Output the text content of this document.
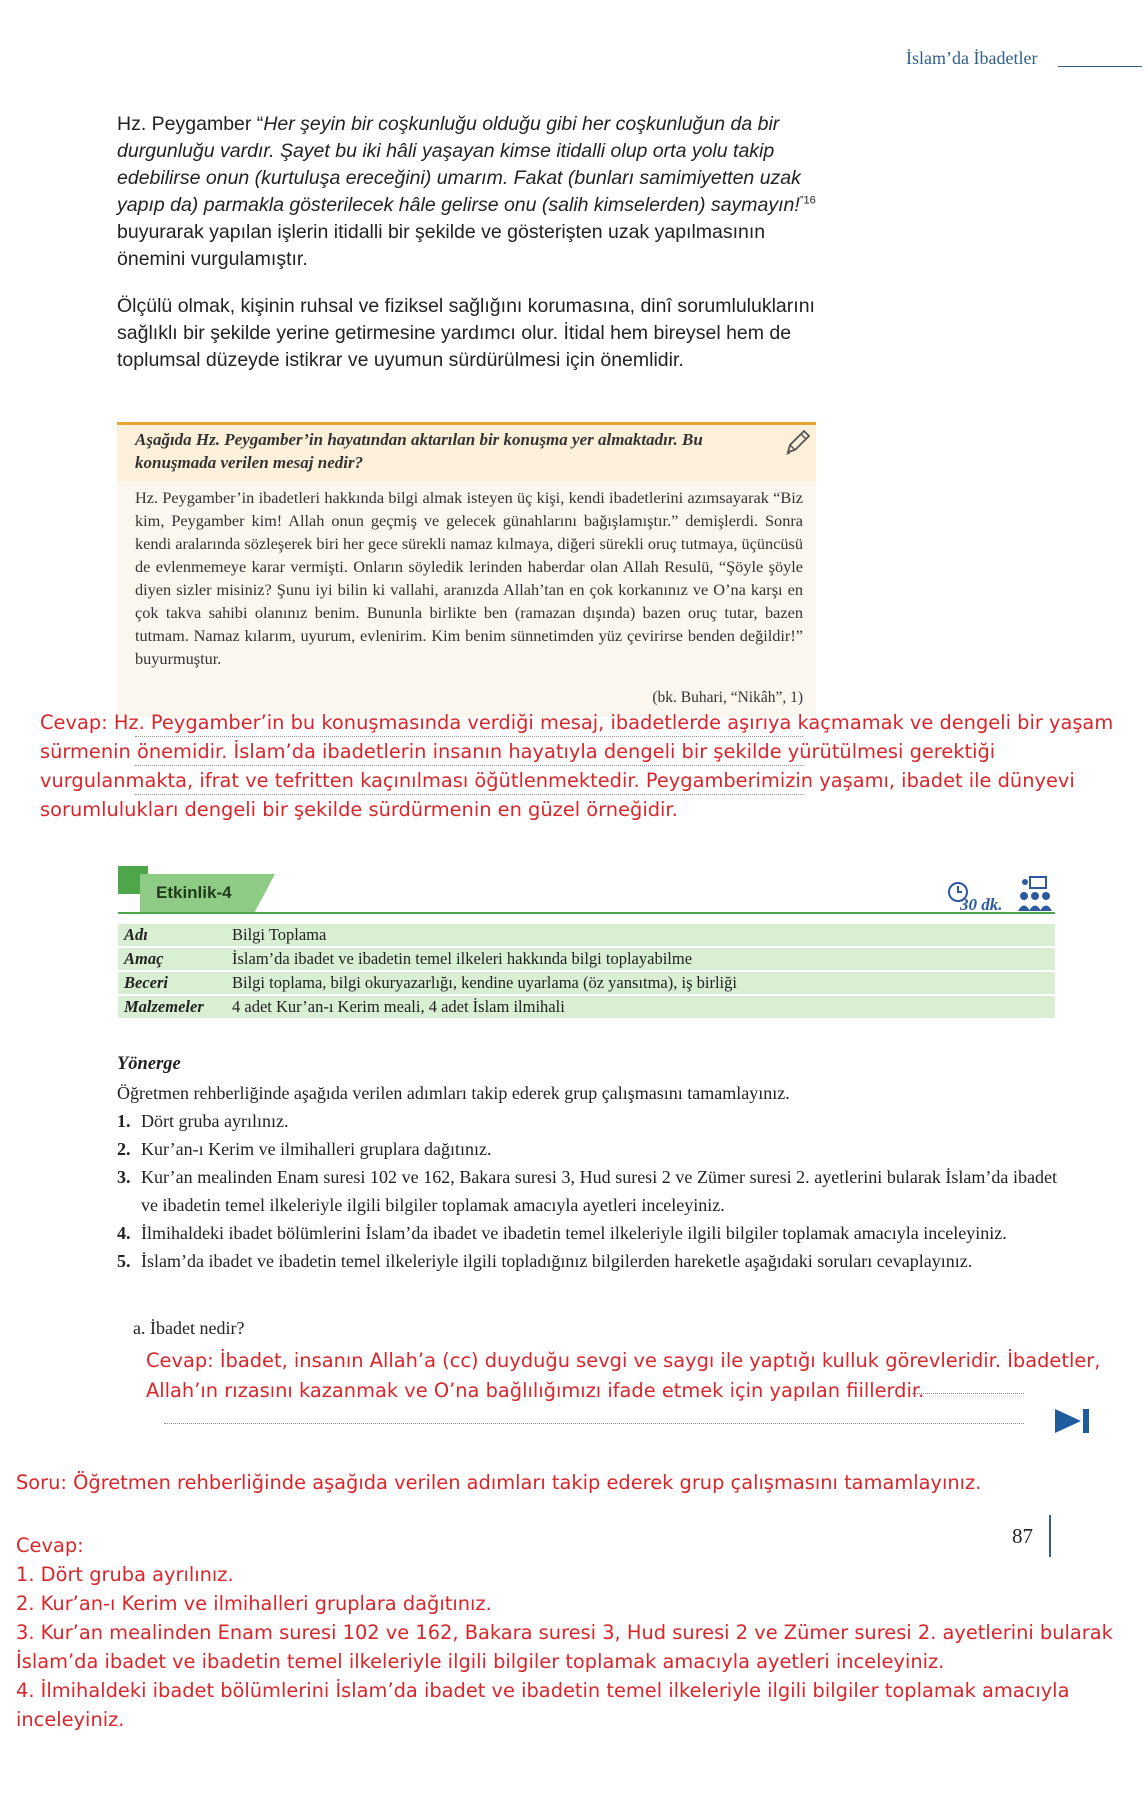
İslam’da İbadetler
Hz. Peygamber “Her şeyin bir coşkunluğu olduğu gibi her coşkunluğun da bir durgunluğu vardır. Şayet bu iki hâli yaşayan kimse itidalli olup orta yolu takip edebilirse onun (kurtuluşa ereceğini) umarım. Fakat (bunları samimiyetten uzak yapıp da) parmakla gösterilecek hâle gelirse onu (salih kimselerden) saymayın!$^{”16}$ buyurarak yapılan işlerin itidalli bir şekilde ve gösterişten uzak yapılmasının önemini vurgulamıştır.
Ölçülü olmak, kişinin ruhsal ve fiziksel sağlığını korumasına, dinî sorumluluklarını sağlıklı bir şekilde yerine getirmesine yardımcı olur. İtidal hem bireysel hem de toplumsal düzeyde istikrar ve uyumun sürdürülmesi için önemlidir.
Aşağıda Hz. Peygamber’in hayatından aktarılan bir konuşma yer almaktadır. Bu konuşmada verilen mesaj nedir?
Hz. Peygamber’in ibadetleri hakkında bilgi almak isteyen üç kişi, kendi ibadetlerini azımsayarak “Biz kim, Peygamber kim! Allah onun geçmiş ve gelecek günahlarını bağışlamıştır.” demişlerdi. Sonra kendi aralarında sözleşerek biri her gece sürekli namaz kılmaya, diğeri sürekli oruç tutmaya, üçüncüsü de evlenmemeye karar vermişti. Onların söyledik lerinden haberdar olan Allah Resulü, “Şöyle şöyle diyen sizler misiniz? Şunu iyi bilin ki vallahi, aranızda Allah’tan en çok korkanınız ve O’na karşı en çok takva sahibi olanınız benim. Bununla birlikte ben (ramazan dışında) bazen oruç tutar, bazen tutmam. Namaz kılarım, uyurum, evlenirim. Kim benim sünnetimden yüz çevirirse benden değildir!” buyurmuştur.
(bk. Buhari, “Nikâh”, 1)
Cevap: Hz. Peygamber’in bu konuşmasında verdiği mesaj, ibadetlerde aşırıya kaçmamak ve dengeli bir yaşam sürmenin önemidir. İslam’da ibadetlerin insanın hayatıyla dengeli bir şekilde yürütülmesi gerektiği vurgulanmakta, ifrat ve tefritten kaçınılması öğütlenmektedir. Peygamberimizin yaşamı, ibadet ile dünyevi sorumlulukları dengeli bir şekilde sürdürmenin en güzel örneğidir.
Etkinlik-4
30 dk.
Adı	Bilgi Toplama
Amaç	İslam’da ibadet ve ibadetin temel ilkeleri hakkında bilgi toplayabilme
Beceri	Bilgi toplama, bilgi okuryazarlığı, kendine uyarlama (öz yansıtma), iş birliği
Malzemeler	4 adet Kur’an-ı Kerim meali, 4 adet İslam ilmihali
Yönerge
Öğretmen rehberliğinde aşağıda verilen adımları takip ederek grup çalışmasını tamamlayınız.
1. Dört gruba ayrılınız.
2. Kur’an-ı Kerim ve ilmihalleri gruplara dağıtınız.
3. Kur’an mealinden Enam suresi 102 ve 162, Bakara suresi 3, Hud suresi 2 ve Zümer suresi 2. ayetlerini bularak İslam’da ibadet ve ibadetin temel ilkeleriyle ilgili bilgiler toplamak amacıyla ayetleri inceleyiniz.
4. İlmihaldeki ibadet bölümlerini İslam’da ibadet ve ibadetin temel ilkeleriyle ilgili bilgiler toplamak amacıyla inceleyiniz.
5. İslam’da ibadet ve ibadetin temel ilkeleriyle ilgili topladığınız bilgilerden hareketle aşağıdaki soruları cevaplayınız.
a. İbadet nedir?
Cevap: İbadet, insanın Allah’a (cc) duyduğu sevgi ve saygı ile yaptığı kulluk görevleridir. İbadetler, Allah’ın rızasını kazanmak ve O’na bağlılığımızı ifade etmek için yapılan fiillerdir.
Soru: Öğretmen rehberliğinde aşağıda verilen adımları takip ederek grup çalışmasını tamamlayınız.
87
Cevap:
1. Dört gruba ayrılınız.
2. Kur’an-ı Kerim ve ilmihalleri gruplara dağıtınız.
3. Kur’an mealinden Enam suresi 102 ve 162, Bakara suresi 3, Hud suresi 2 ve Zümer suresi 2. ayetlerini bularak İslam’da ibadet ve ibadetin temel ilkeleriyle ilgili bilgiler toplamak amacıyla ayetleri inceleyiniz.
4. İlmihaldeki ibadet bölümlerini İslam’da ibadet ve ibadetin temel ilkeleriyle ilgili bilgiler toplamak amacıyla inceleyiniz.
